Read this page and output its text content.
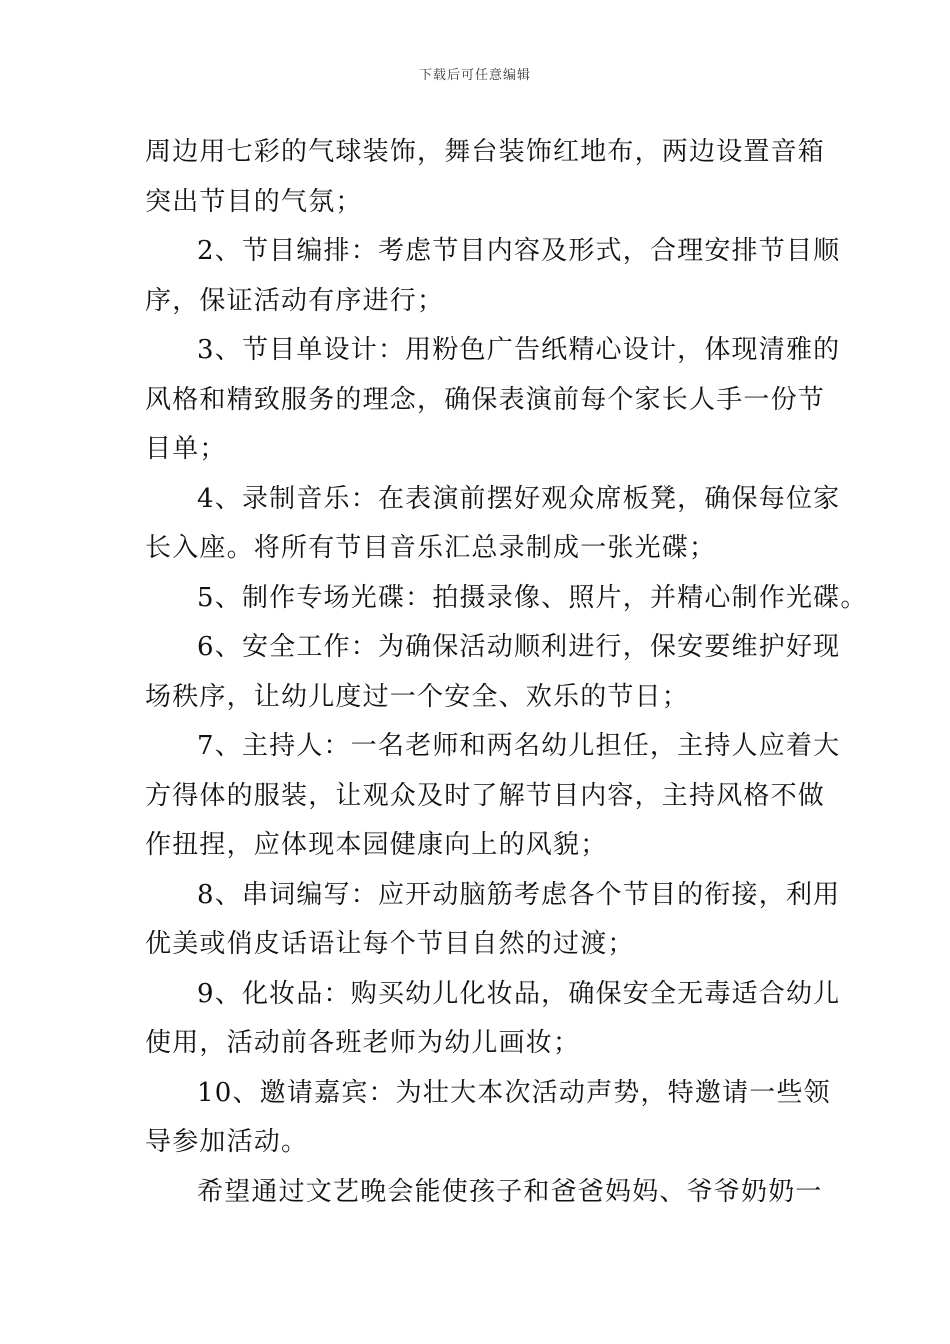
下载后可任意编辑
周边用七彩的气球装饰，舞台装饰红地布，两边设置音箱
突出节目的气氛；
2、节目编排：考虑节目内容及形式，合理安排节目顺
序，保证活动有序进行；
3、节目单设计：用粉色广告纸精心设计，体现清雅的
风格和精致服务的理念，确保表演前每个家长人手一份节
目单；
4、录制音乐：在表演前摆好观众席板凳，确保每位家
长入座。将所有节目音乐汇总录制成一张光碟；
5、制作专场光碟：拍摄录像、照片，并精心制作光碟。
6、安全工作：为确保活动顺利进行，保安要维护好现
场秩序，让幼儿度过一个安全、欢乐的节日；
7、主持人：一名老师和两名幼儿担任，主持人应着大
方得体的服装，让观众及时了解节目内容，主持风格不做
作扭捏，应体现本园健康向上的风貌；
8、串词编写：应开动脑筋考虑各个节目的衔接，利用
优美或俏皮话语让每个节目自然的过渡；
9、化妆品：购买幼儿化妆品，确保安全无毒适合幼儿
使用，活动前各班老师为幼儿画妆；
10、邀请嘉宾：为壮大本次活动声势，特邀请一些领
导参加活动。
希望通过文艺晚会能使孩子和爸爸妈妈、爷爷奶奶一
